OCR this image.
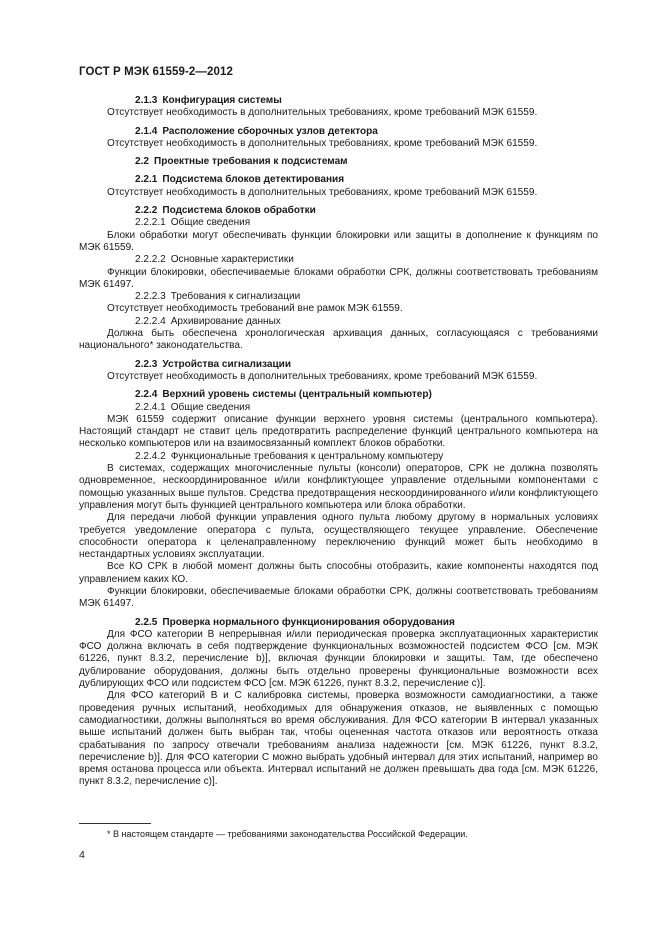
ГОСТ Р МЭК 61559-2—2012

2.1.3 Конфигурация системы

Отсутствует необходимость в дополнительных требованиях, кроме требований МЭК 61559.

2.1.4 Расположение сборочных узлов детектора

Отсутствует необходимость в дополнительных требованиях, кроме требований МЭК 61559.

2.2 Проектные требования к подсистемам

2.2.1 Подсистема блоков детектирования

Отсутствует необходимость в дополнительных требованиях, кроме требований МЭК 61559.

2.2.2 Подсистема блоков обработки

2.2.2.1 Общие сведения

Блоки обработки могут обеспечивать функции блокировки или защиты в дополнение к функциям по МЭК 61559.

2.2.2.2 Основные характеристики

Функции блокировки, обеспечиваемые блоками обработки СРК, должны соответствовать требованиям МЭК 61497.

2.2.2.3 Требования к сигнализации

Отсутствует необходимость требований вне рамок МЭК 61559.

2.2.2.4 Архивирование данных

Должна быть обеспечена хронологическая архивация данных, согласующаяся с требованиями национального* законодательства.

2.2.3 Устройства сигнализации

Отсутствует необходимость в дополнительных требованиях, кроме требований МЭК 61559.

2.2.4 Верхний уровень системы (центральный компьютер)

2.2.4.1 Общие сведения

МЭК 61559 содержит описание функции верхнего уровня системы (центрального компьютера). Настоящий стандарт не ставит цель предотвратить распределение функций центрального компьютера на несколько компьютеров или на взаимосвязанный комплект блоков обработки.

2.2.4.2 Функциональные требования к центральному компьютеру

В системах, содержащих многочисленные пульты (консоли) операторов, СРК не должна позволять одновременное, нескоординированное и/или конфликтующее управление отдельными компонентами с помощью указанных выше пультов. Средства предотвращения нескоординированного и/или конфликтующего управления могут быть функцией центрального компьютера или блока обработки.

Для передачи любой функции управления одного пульта любому другому в нормальных условиях требуется уведомление оператора с пульта, осуществляющего текущее управление. Обеспечение способности оператора к целенаправленному переключению функций может быть необходимо в нестандартных условиях эксплуатации.

Все КО СРК в любой момент должны быть способны отобразить, какие компоненты находятся под управлением каких КО.

Функции блокировки, обеспечиваемые блоками обработки СРК, должны соответствовать требованиям МЭК 61497.

2.2.5 Проверка нормального функционирования оборудования

Для ФСО категории В непрерывная и/или периодическая проверка эксплуатационных характеристик ФСО должна включать в себя подтверждение функциональных возможностей подсистем ФСО [см. МЭК 61226, пункт 8.3.2, перечисление b)], включая функции блокировки и защиты. Там, где обеспечено дублирование оборудования, должны быть отдельно проверены функциональные возможности всех дублирующих ФСО или подсистем ФСО [см. МЭК 61226, пункт 8.3.2, перечисление c)].

Для ФСО категорий В и С калибровка системы, проверка возможности самодиагностики, а также проведения ручных испытаний, необходимых для обнаружения отказов, не выявленных с помощью самодиагностики, должны выполняться во время обслуживания. Для ФСО категории В интервал указанных выше испытаний должен быть выбран так, чтобы оцененная частота отказов или вероятность отказа срабатывания по запросу отвечали требованиям анализа надежности [см. МЭК 61226, пункт 8.3.2, перечисление b)]. Для ФСО категории С можно выбрать удобный интервал для этих испытаний, например во время останова процесса или объекта. Интервал испытаний не должен превышать два года [см. МЭК 61226, пункт 8.3.2, перечисление c)].

* В настоящем стандарте — требованиями законодательства Российской Федерации.
4
